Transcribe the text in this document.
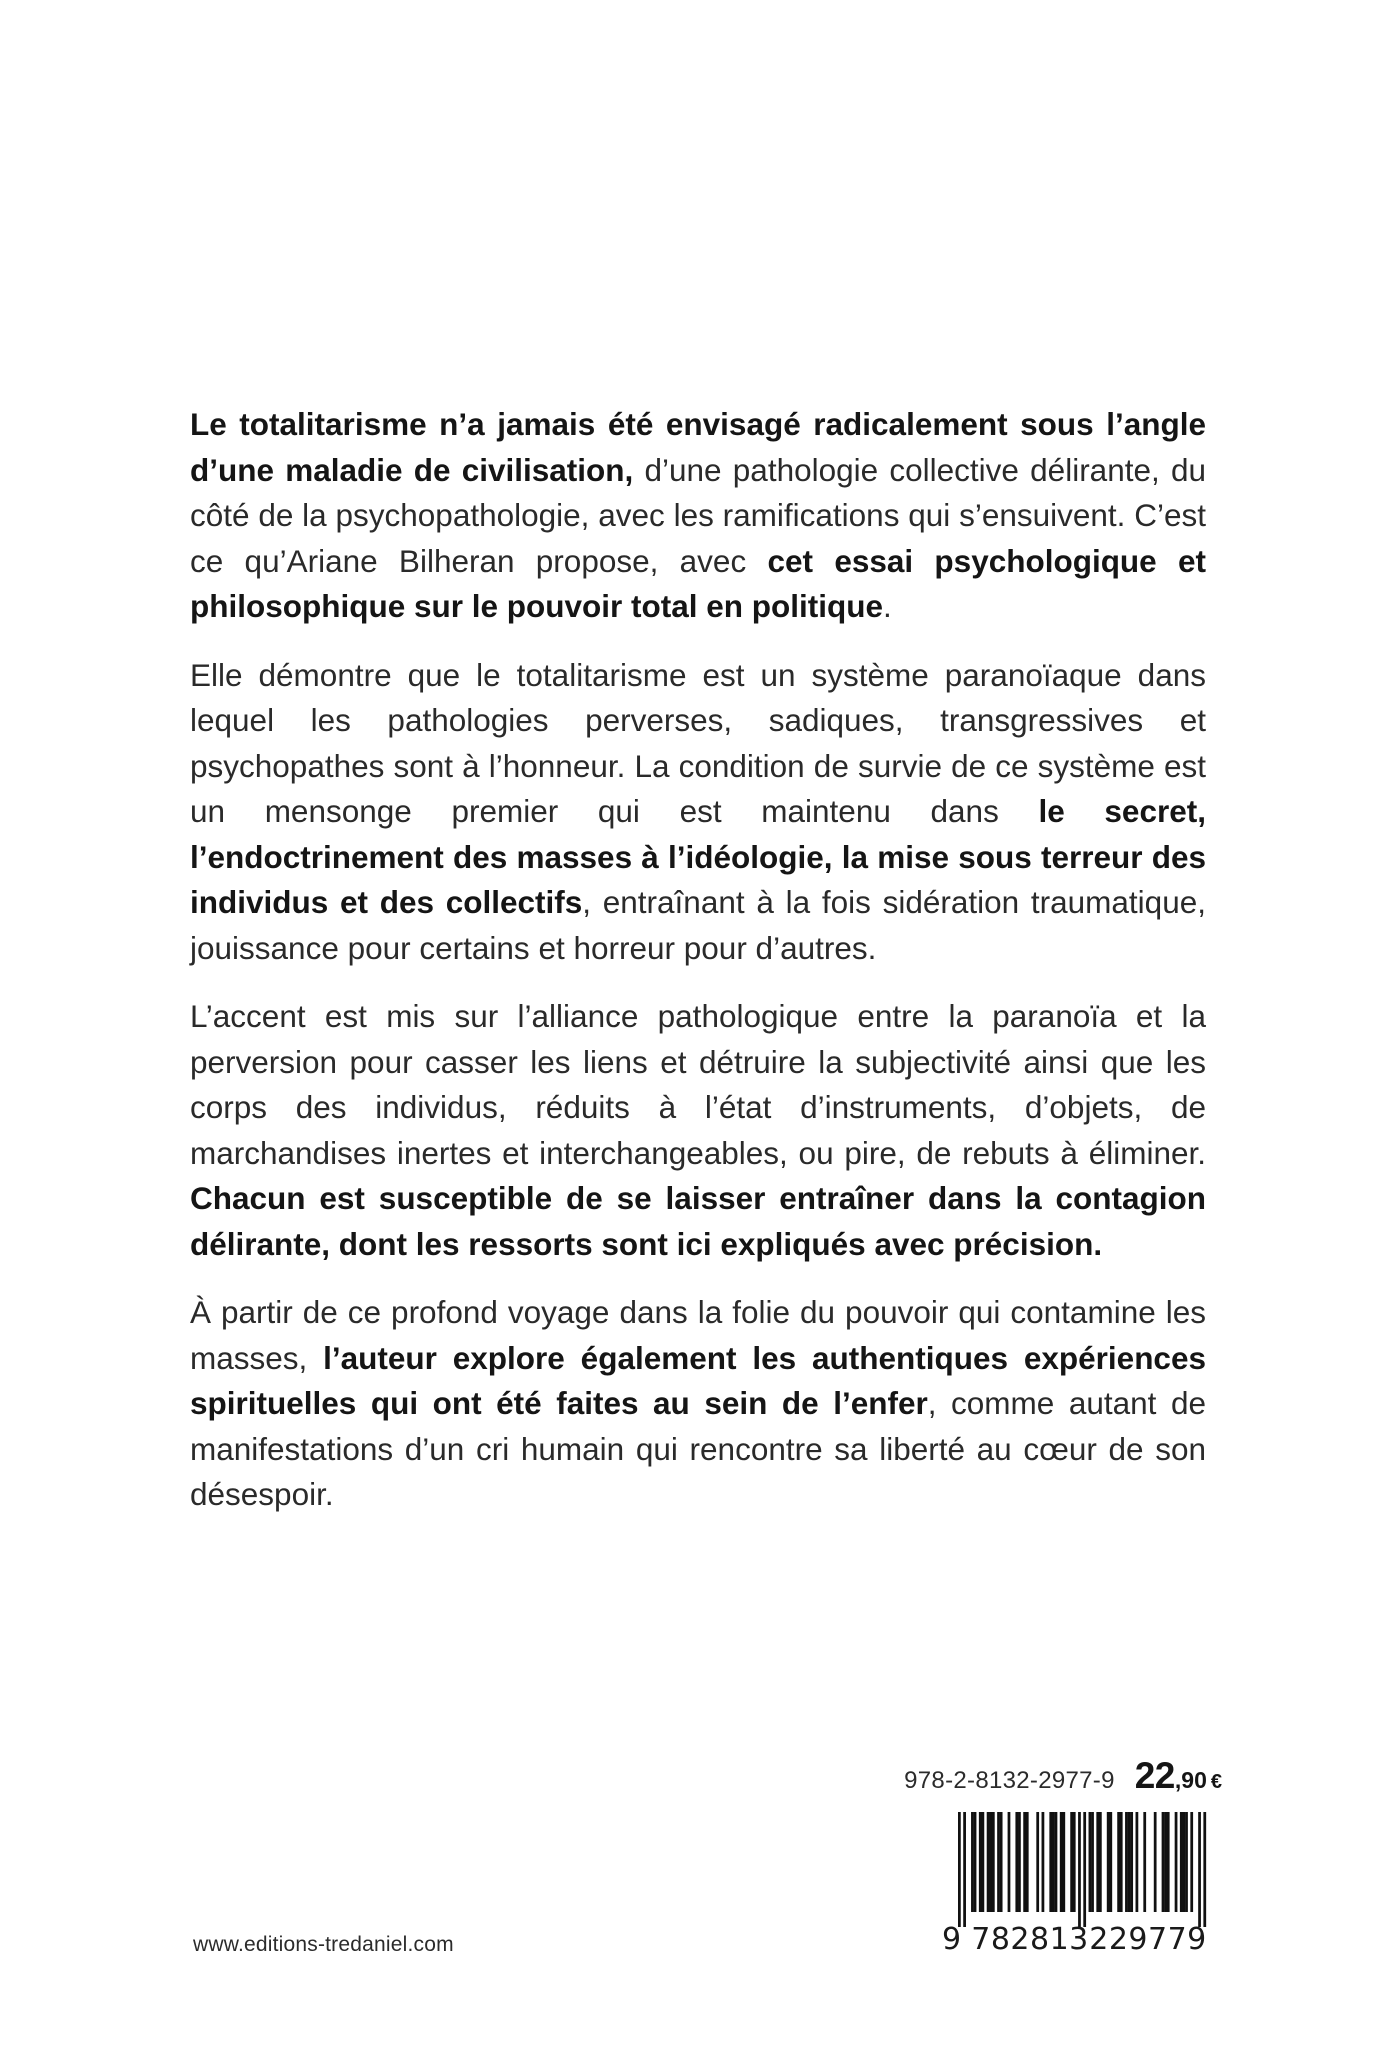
Le totalitarisme n’a jamais été envisagé radicalement sous l’angle d’une maladie de civilisation, d’une pathologie collective délirante, du côté de la psychopathologie, avec les ramifications qui s’ensuivent. C’est ce qu’Ariane Bilheran propose, avec cet essai psychologique et philosophique sur le pouvoir total en politique.

Elle démontre que le totalitarisme est un système paranoïaque dans lequel les pathologies perverses, sadiques, transgressives et psychopathes sont à l’honneur. La condition de survie de ce système est un mensonge premier qui est maintenu dans le secret, l’endoctrinement des masses à l’idéologie, la mise sous terreur des individus et des collectifs, entraînant à la fois sidération traumatique, jouissance pour certains et horreur pour d’autres.

L’accent est mis sur l’alliance pathologique entre la paranoïa et la perversion pour casser les liens et détruire la subjectivité ainsi que les corps des individus, réduits à l’état d’instruments, d’objets, de marchandises inertes et interchangeables, ou pire, de rebuts à éliminer. Chacun est susceptible de se laisser entraîner dans la contagion délirante, dont les ressorts sont ici expliqués avec précision.

À partir de ce profond voyage dans la folie du pouvoir qui contamine les masses, l’auteur explore également les authentiques expériences spirituelles qui ont été faites au sein de l’enfer, comme autant de manifestations d’un cri humain qui rencontre sa liberté au cœur de son désespoir.

978-2-8132-2977-9 22 ,90 €
9 782813 229779
www.editions-tredaniel.com
